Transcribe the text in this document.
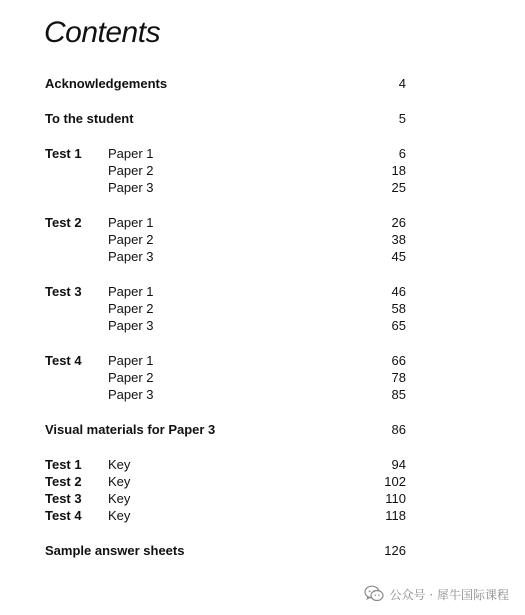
Contents
Acknowledgements	4
To the student	5
Test 1 Paper 1	6
Paper 2	18
Paper 3	25
Test 2 Paper 1	26
Paper 2	38
Paper 3	45
Test 3 Paper 1	46
Paper 2	58
Paper 3	65
Test 4 Paper 1	66
Paper 2	78
Paper 3	85
Visual materials for Paper 3	86
Test 1 Key	94
Test 2 Key	102
Test 3 Key	110
Test 4 Key	118
Sample answer sheets	126
公众号 · 犀牛国际课程
